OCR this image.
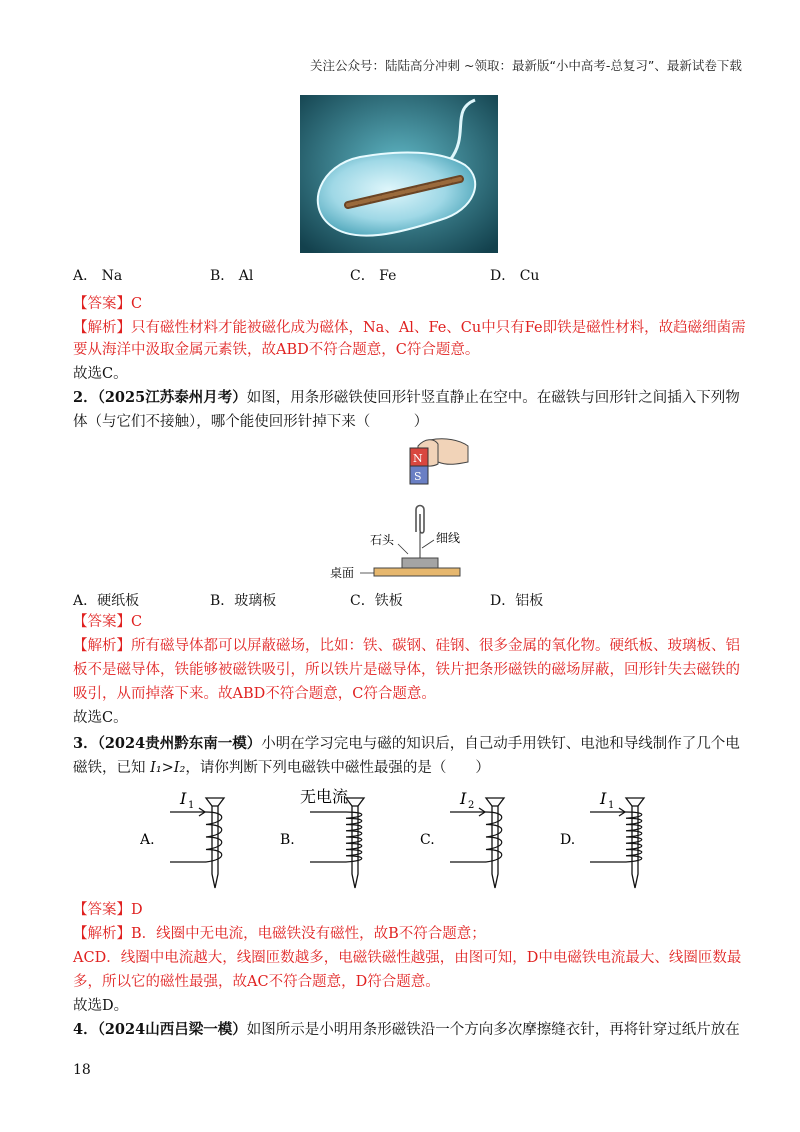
关注公众号：陆陆高分冲刺 ~领取：最新版“小中高考-总复习”、最新试卷下载
A． Na	B． Al	C． Fe	D． Cu
【答案】C
【解析】只有磁性材料才能被磁化成为磁体，Na、Al、Fe、Cu中只有Fe即铁是磁性材料，故趋磁细菌需
要从海洋中汲取金属元素铁，故ABD不符合题意，C符合题意。
故选C。
2．（2025江苏泰州月考）如图，用条形磁铁使回形针竖直静止在空中。在磁铁与回形针之间插入下列物
体（与它们不接触），哪个能使回形针掉下来（　　　）
N
S
石头	细线
桌面
A．硬纸板	B．玻璃板	C．铁板	D．铝板
【答案】C
【解析】所有磁导体都可以屏蔽磁场，比如：铁、碳钢、硅钢、很多金属的氧化物。硬纸板、玻璃板、铝
板不是磁导体，铁能够被磁铁吸引，所以铁片是磁导体，铁片把条形磁铁的磁场屏蔽，回形针失去磁铁的
吸引，从而掉落下来。故ABD不符合题意，C符合题意。
故选C。
3．（2024贵州黔东南一模）小明在学习完电与磁的知识后，自己动手用铁钉、电池和导线制作了几个电
磁铁，已知 I₁>I₂，请你判断下列电磁铁中磁性最强的是（　　）
A.
I 1
B.
无电流
C.
I 2
D.
I 1
【答案】D
【解析】B．线圈中无电流，电磁铁没有磁性，故B不符合题意；
ACD．线圈中电流越大，线圈匝数越多，电磁铁磁性越强，由图可知，D中电磁铁电流最大、线圈匝数最
多，所以它的磁性最强，故AC不符合题意，D符合题意。
故选D。
4．（2024山西吕梁一模）如图所示是小明用条形磁铁沿一个方向多次摩擦缝衣针，再将针穿过纸片放在
18
